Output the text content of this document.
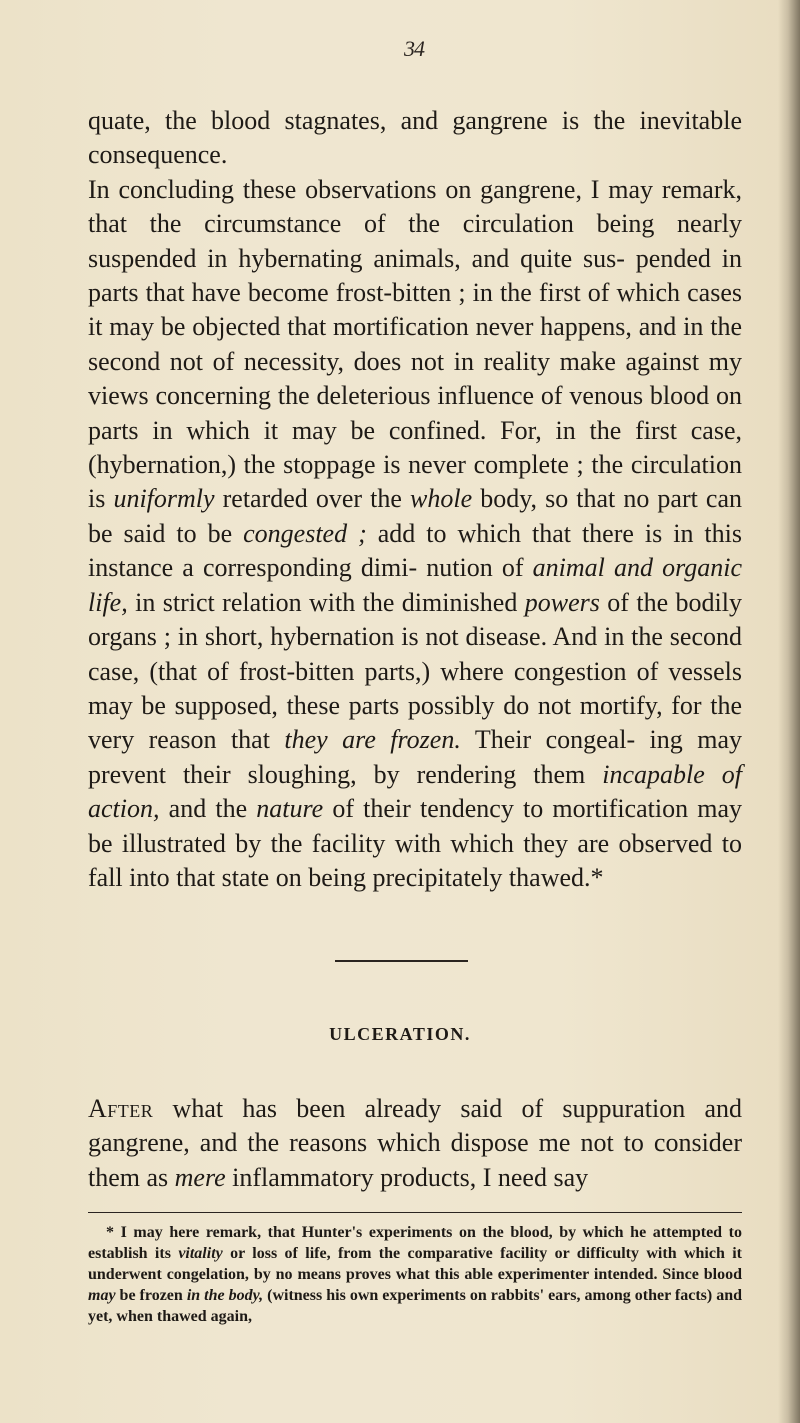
34

quate, the blood stagnates, and gangrene is the inevitable consequence.

In concluding these observations on gangrene, I may remark, that the circumstance of the circulation being nearly suspended in hybernating animals, and quite sus- pended in parts that have become frost-bitten ; in the first of which cases it may be objected that mortification never happens, and in the second not of necessity, does not in reality make against my views concerning the deleterious influence of venous blood on parts in which it may be confined. For, in the first case, (hybernation,) the stoppage is never complete ; the circulation is uniformly retarded over the whole body, so that no part can be said to be congested ; add to which that there is in this instance a corresponding dimi- nution of animal and organic life, in strict relation with the diminished powers of the bodily organs ; in short, hybernation is not disease. And in the second case, (that of frost-bitten parts,) where congestion of vessels may be supposed, these parts possibly do not mortify, for the very reason that they are frozen. Their congeal- ing may prevent their sloughing, by rendering them incapable of action, and the nature of their tendency to mortification may be illustrated by the facility with which they are observed to fall into that state on being precipitately thawed.*

ULCERATION.

After what has been already said of suppuration and gangrene, and the reasons which dispose me not to consider them as mere inflammatory products, I need say

* I may here remark, that Hunter's experiments on the blood, by which he attempted to establish its vitality or loss of life, from the comparative facility or difficulty with which it underwent congelation, by no means proves what this able experimenter intended. Since blood may be frozen in the body, (witness his own experiments on rabbits' ears, among other facts) and yet, when thawed again,
